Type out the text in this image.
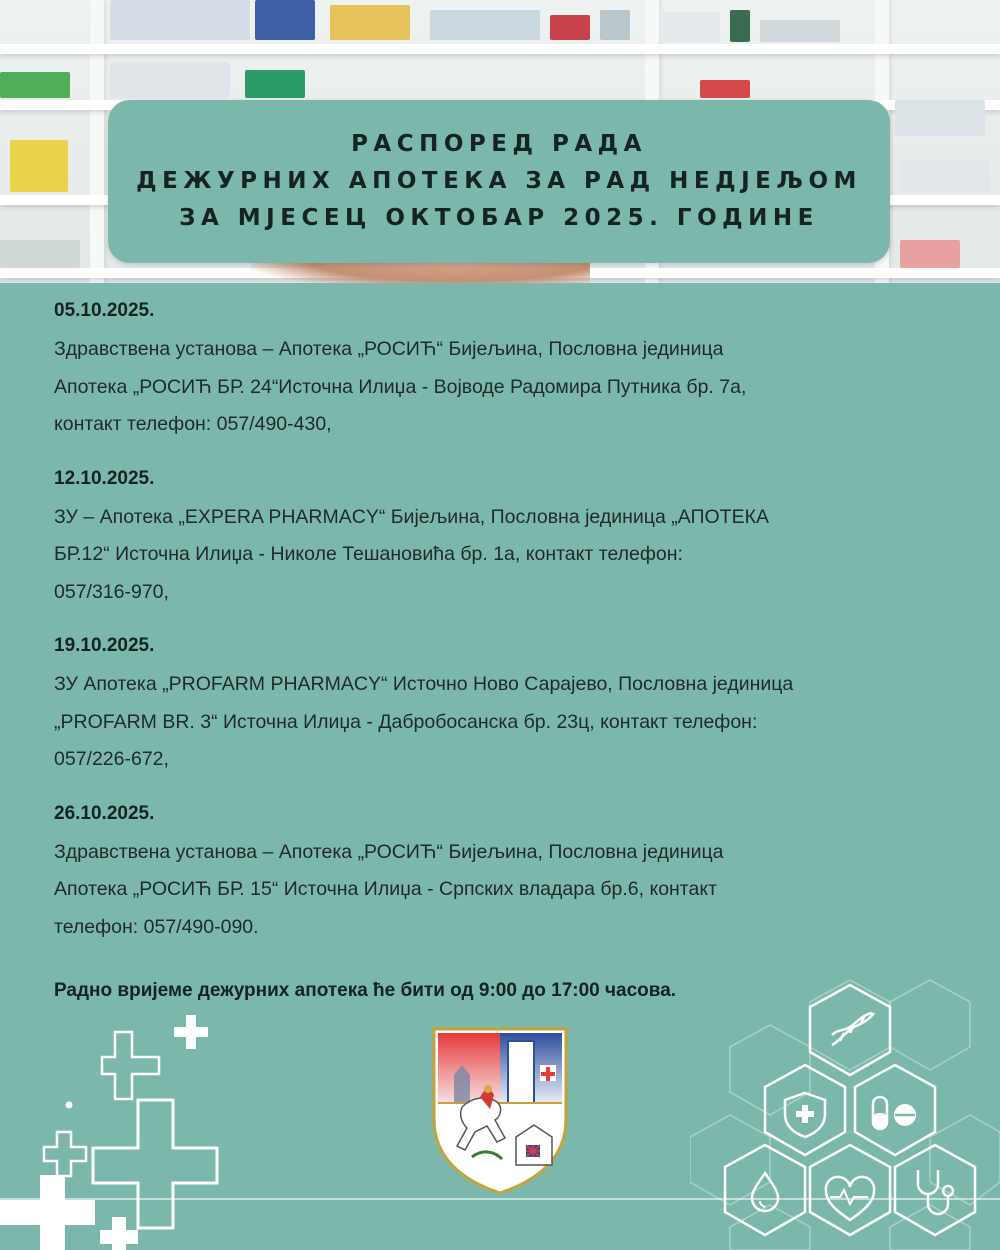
РАСПОРЕД РАДА
ДЕЖУРНИХ АПОТЕКА ЗА РАД НЕДЈЕЉОМ
ЗА МЈЕСЕЦ ОКТОБАР 2025. ГОДИНЕ
05.10.2025.
Здравствена установа – Апотека „РОСИЋ“ Бијељина, Пословна јединица
Апотека „РОСИЋ БР. 24“Источна Илиџа - Војводе Радомира Путника бр. 7а,
контакт телефон: 057/490-430,
12.10.2025.
ЗУ – Апотека „EXPERA PHARMACY“ Бијељина, Пословна јединица „АПОТЕКА
БР.12“ Источна Илиџа - Николе Тешановића бр. 1а, контакт телефон:
057/316-970,
19.10.2025.
ЗУ Апотека „PROFARM PHARMACY“ Источно Ново Сарајево, Пословна јединица
„PROFARM BR. 3“ Источна Илиџа - Дабробосанска бр. 23ц, контакт телефон:
057/226-672,
26.10.2025.
Здравствена установа – Апотека „РОСИЋ“ Бијељина, Пословна јединица
Апотека „РОСИЋ БР. 15“ Источна Илиџа - Српских владара бр.6, контакт
телефон: 057/490-090.
Радно вријеме дежурних апотека ће бити од 9:00 до 17:00 часова.
